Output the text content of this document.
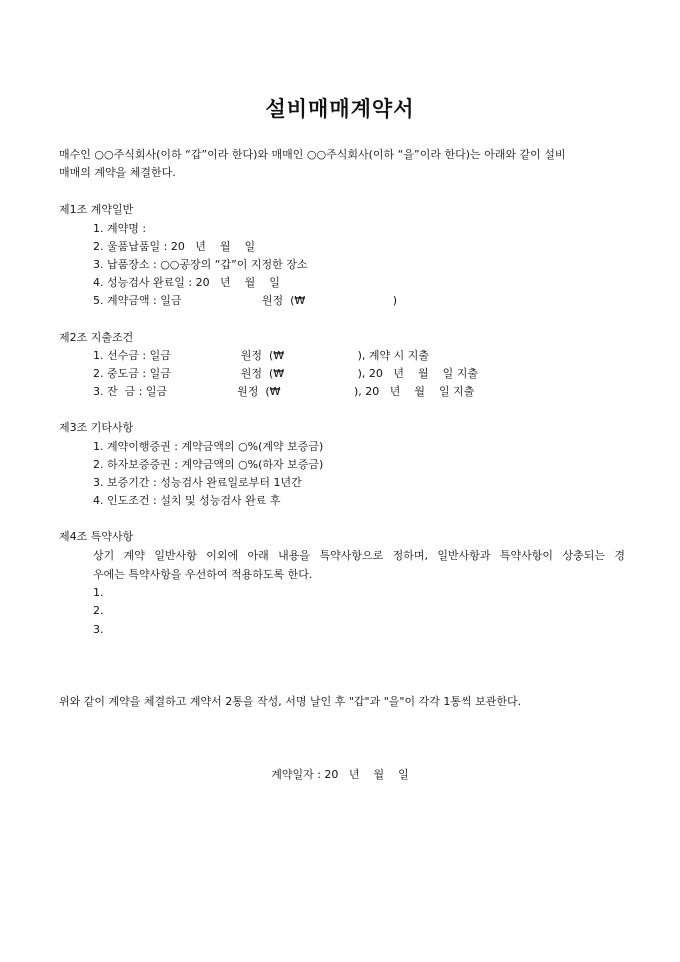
설비매매계약서
매수인 ○○주식회사(이하 “갑”이라 한다)와 매매인 ○○주식회사(이하 “을”이라 한다)는 아래와 같이 설비
매매의 계약을 체결한다.
제1조 계약일반
1. 계약명 :
2. 울품납품일 : 20   년    월    일
3. 납품장소 : ○○공장의 “갑”이 지정한 장소
4. 성능검사 완료일 : 20   년    월    일
5. 계약금액 : 일금                       원정  (₩                         )
제2조 지출조건
1. 선수금 : 일금                    원정  (₩                     ), 계약 시 지출
2. 중도금 : 일금                    원정  (₩                     ), 20   년    월    일 지출
3. 잔  금 : 일금                    원정  (₩                     ), 20   년    월    일 지출
제3조 기타사항
1. 계약이행증권 : 계약금액의 ○%(계약 보증금)
2. 하자보증증권 : 계약금액의 ○%(하자 보증금)
3. 보증기간 : 성능검사 완료일로부터 1년간
4. 인도조건 : 설치 및 성능검사 완료 후
제4조 특약사항
상기 계약 일반사항 이외에 아래 내용을 특약사항으로 정하며, 일반사항과 특약사항이 상충되는 경
우에는 특약사항을 우선하여 적용하도록 한다.
1.
2.
3.
위와 같이 계약을 체결하고 계약서 2통을 작성, 서명 날인 후 "갑"과 "을"이 각각 1통씩 보관한다.
계약일자 : 20   년    월    일
